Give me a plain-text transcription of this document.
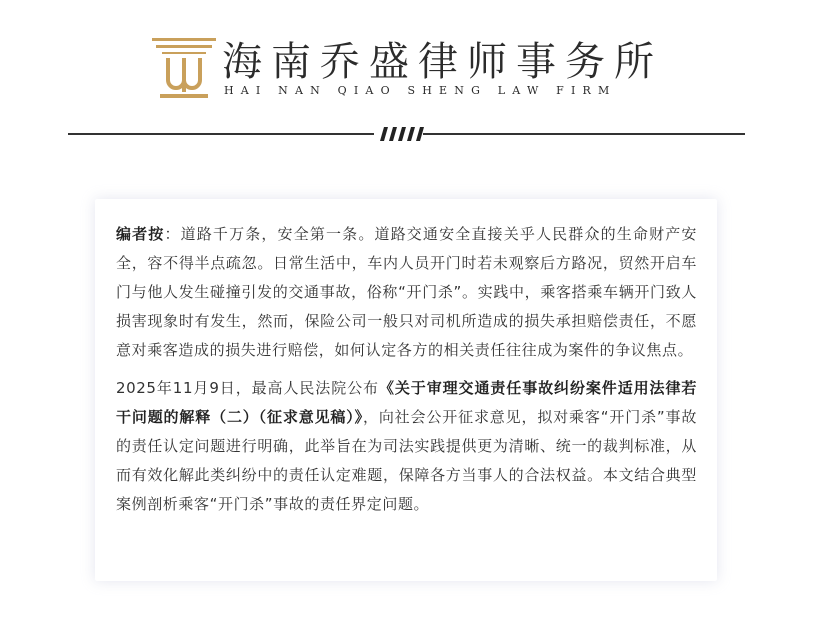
海南乔盛律师事务所
HAI NAN QIAO SHENG LAW FIRM

编者按：道路千万条，安全第一条。道路交通安全直接关乎人民群众的生命财产安全，容不得半点疏忽。日常生活中，车内人员开门时若未观察后方路况，贸然开启车门与他人发生碰撞引发的交通事故，俗称“开门杀”。实践中，乘客搭乘车辆开门致人损害现象时有发生，然而，保险公司一般只对司机所造成的损失承担赔偿责任，不愿意对乘客造成的损失进行赔偿，如何认定各方的相关责任往往成为案件的争议焦点。

2025年11月9日，最高人民法院公布《关于审理交通责任事故纠纷案件适用法律若干问题的解释（二）（征求意见稿）》，向社会公开征求意见，拟对乘客“开门杀”事故的责任认定问题进行明确，此举旨在为司法实践提供更为清晰、统一的裁判标准，从而有效化解此类纠纷中的责任认定难题，保障各方当事人的合法权益。本文结合典型案例剖析乘客“开门杀”事故的责任界定问题。
